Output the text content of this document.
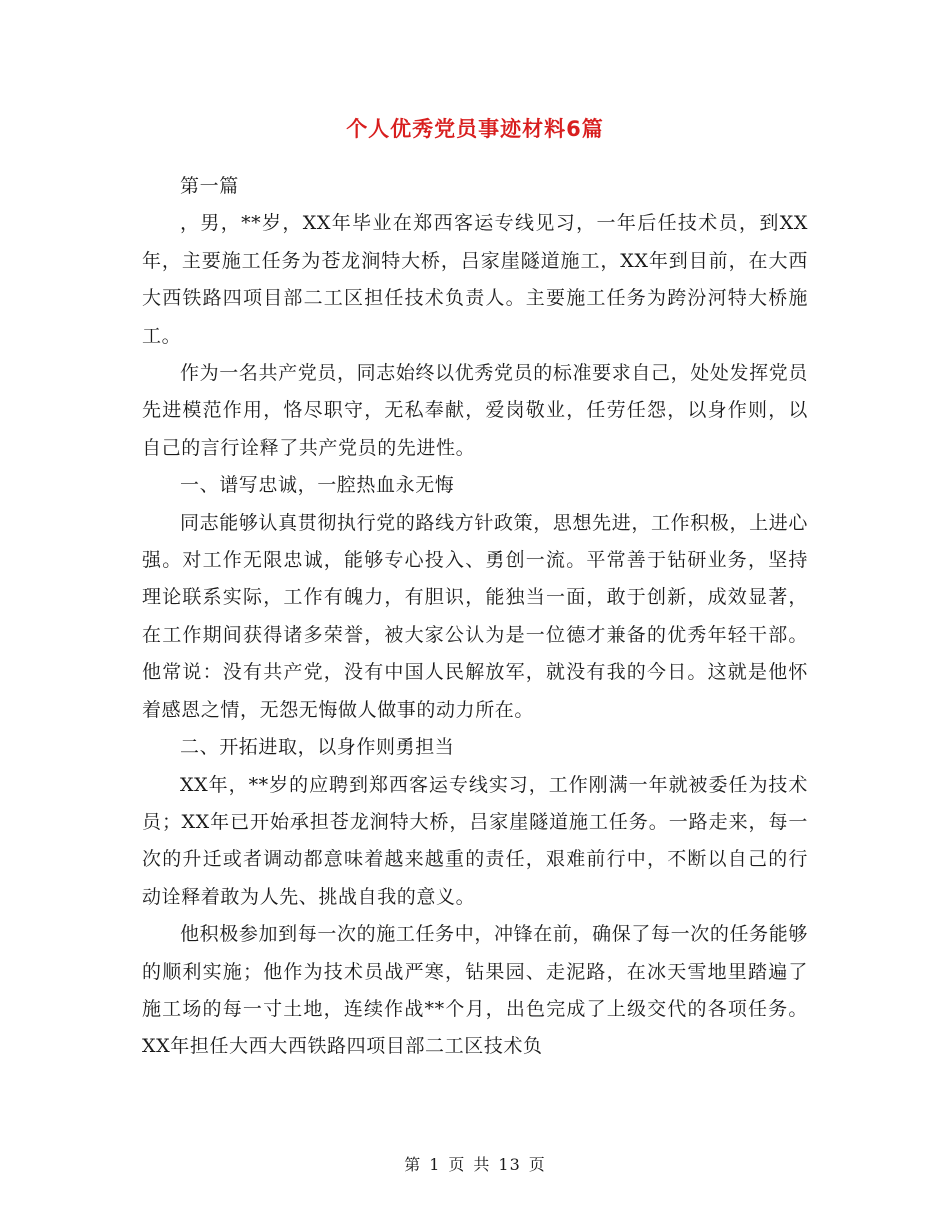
个人优秀党员事迹材料6篇

第一篇

，男，**岁，XX年毕业在郑西客运专线见习，一年后任技术员，到XX年，主要施工任务为苍龙涧特大桥，吕家崖隧道施工，XX年到目前，在大西大西铁路四项目部二工区担任技术负责人。主要施工任务为跨汾河特大桥施工。

作为一名共产党员，同志始终以优秀党员的标准要求自己，处处发挥党员先进模范作用，恪尽职守，无私奉献，爱岗敬业，任劳任怨，以身作则，以自己的言行诠释了共产党员的先进性。

一、谱写忠诚，一腔热血永无悔

同志能够认真贯彻执行党的路线方针政策，思想先进，工作积极，上进心强。对工作无限忠诚，能够专心投入、勇创一流。平常善于钻研业务，坚持理论联系实际，工作有魄力，有胆识，能独当一面，敢于创新，成效显著，在工作期间获得诸多荣誉，被大家公认为是一位德才兼备的优秀年轻干部。他常说：没有共产党，没有中国人民解放军，就没有我的今日。这就是他怀着感恩之情，无怨无悔做人做事的动力所在。

二、开拓进取，以身作则勇担当

XX年，**岁的应聘到郑西客运专线实习，工作刚满一年就被委任为技术员；XX年已开始承担苍龙涧特大桥，吕家崖隧道施工任务。一路走来，每一次的升迁或者调动都意味着越来越重的责任，艰难前行中，不断以自己的行动诠释着敢为人先、挑战自我的意义。

他积极参加到每一次的施工任务中，冲锋在前，确保了每一次的任务能够的顺利实施；他作为技术员战严寒，钻果园、走泥路，在冰天雪地里踏遍了施工场的每一寸土地，连续作战**个月，出色完成了上级交代的各项任务。XX年担任大西大西铁路四项目部二工区技术负

第 1 页 共 13 页
